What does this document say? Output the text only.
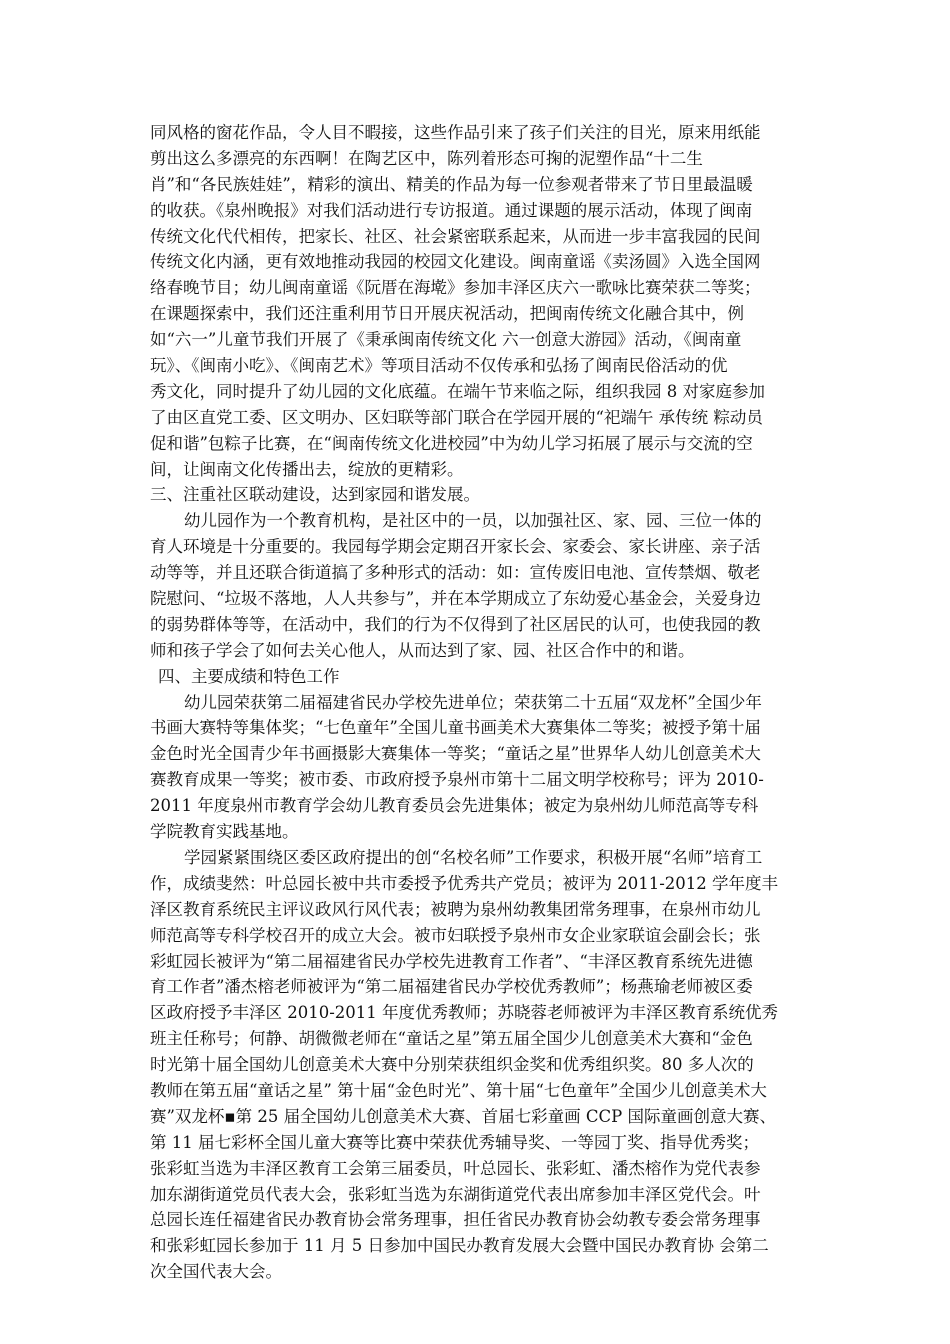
同风格的窗花作品，令人目不暇接，这些作品引来了孩子们关注的目光，原来用纸能
剪出这么多漂亮的东西啊！在陶艺区中，陈列着形态可掬的泥塑作品“十二生
肖”和“各民族娃娃”，精彩的演出、精美的作品为每一位参观者带来了节日里最温暖
的收获。《泉州晚报》对我们活动进行专访报道。通过课题的展示活动，体现了闽南
传统文化代代相传，把家长、社区、社会紧密联系起来，从而进一步丰富我园的民间
传统文化内涵，更有效地推动我园的校园文化建设。闽南童谣《卖汤圆》入选全国网
络春晚节目；幼儿闽南童谣《阮厝在海墘》参加丰泽区庆六一歌咏比赛荣获二等奖；
在课题探索中，我们还注重利用节日开展庆祝活动，把闽南传统文化融合其中，例
如“六一”儿童节我们开展了《秉承闽南传统文化 六一创意大游园》活动，《闽南童
玩》、《闽南小吃》、《闽南艺术》等项目活动不仅传承和弘扬了闽南民俗活动的优
秀文化，同时提升了幼儿园的文化底蕴。在端午节来临之际，组织我园 8 对家庭参加
了由区直党工委、区文明办、区妇联等部门联合在学园开展的“祀端午 承传统 粽动员
促和谐”包粽子比赛，在“闽南传统文化进校园”中为幼儿学习拓展了展示与交流的空
间，让闽南文化传播出去，绽放的更精彩。
三、注重社区联动建设，达到家园和谐发展。
幼儿园作为一个教育机构，是社区中的一员，以加强社区、家、园、三位一体的
育人环境是十分重要的。我园每学期会定期召开家长会、家委会、家长讲座、亲子活
动等等，并且还联合街道搞了多种形式的活动：如：宣传废旧电池、宣传禁烟、敬老
院慰问、“垃圾不落地，人人共参与”，并在本学期成立了东幼爱心基金会，关爱身边
的弱势群体等等，在活动中，我们的行为不仅得到了社区居民的认可，也使我园的教
师和孩子学会了如何去关心他人，从而达到了家、园、社区合作中的和谐。
四、主要成绩和特色工作
幼儿园荣获第二届福建省民办学校先进单位；荣获第二十五届“双龙杯”全国少年
书画大赛特等集体奖；“七色童年”全国儿童书画美术大赛集体二等奖；被授予第十届
金色时光全国青少年书画摄影大赛集体一等奖；“童话之星”世界华人幼儿创意美术大
赛教育成果一等奖；被市委、市政府授予泉州市第十二届文明学校称号；评为 2010-
2011 年度泉州市教育学会幼儿教育委员会先进集体；被定为泉州幼儿师范高等专科
学院教育实践基地。
学园紧紧围绕区委区政府提出的创“名校名师”工作要求，积极开展“名师”培育工
作，成绩斐然：叶总园长被中共市委授予优秀共产党员；被评为 2011-2012 学年度丰
泽区教育系统民主评议政风行风代表；被聘为泉州幼教集团常务理事，在泉州市幼儿
师范高等专科学校召开的成立大会。被市妇联授予泉州市女企业家联谊会副会长；张
彩虹园长被评为“第二届福建省民办学校先进教育工作者”、“丰泽区教育系统先进德
育工作者”潘杰榕老师被评为“第二届福建省民办学校优秀教师”；杨燕瑜老师被区委
区政府授予丰泽区 2010-2011 年度优秀教师；苏晓蓉老师被评为丰泽区教育系统优秀
班主任称号；何静、胡微微老师在“童话之星”第五届全国少儿创意美术大赛和“金色
时光第十届全国幼儿创意美术大赛中分别荣获组织金奖和优秀组织奖。80 多人次的
教师在第五届“童话之星” 第十届“金色时光”、第十届“七色童年”全国少儿创意美术大
赛”双龙杯▪第 25 届全国幼儿创意美术大赛、首届七彩童画 CCP 国际童画创意大赛、
第 11 届七彩杯全国儿童大赛等比赛中荣获优秀辅导奖、一等园丁奖、指导优秀奖；
张彩虹当选为丰泽区教育工会第三届委员，叶总园长、张彩虹、潘杰榕作为党代表参
加东湖街道党员代表大会，张彩虹当选为东湖街道党代表出席参加丰泽区党代会。叶
总园长连任福建省民办教育协会常务理事，担任省民办教育协会幼教专委会常务理事
和张彩虹园长参加于 11 月 5 日参加中国民办教育发展大会暨中国民办教育协 会第二
次全国代表大会。
